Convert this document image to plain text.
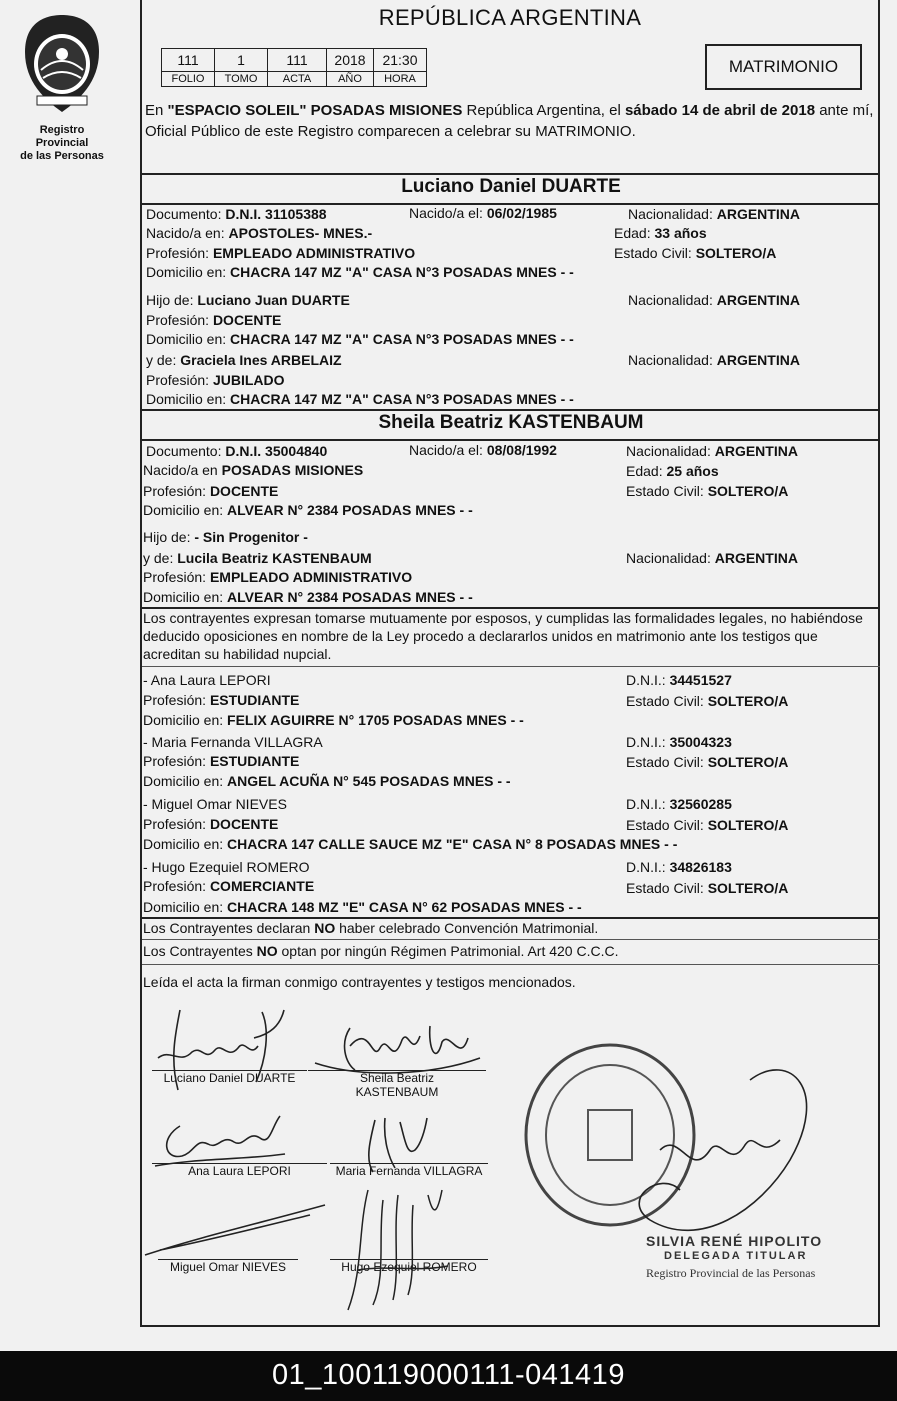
Registro Provincial
de las Personas
REPÚBLICA ARGENTINA
111	1	111	2018	21:30
FOLIO	TOMO	ACTA	AÑO	HORA
MATRIMONIO
En "ESPACIO SOLEIL" POSADAS MISIONES República Argentina, el sábado 14 de abril de 2018 ante mí, Oficial Público de este Registro comparecen a celebrar su MATRIMONIO.
Luciano Daniel DUARTE
Documento: D.N.I. 31105388	Nacido/a el: 06/02/1985	Nacionalidad: ARGENTINA
Nacido/a en: APOSTOLES- MNES.-	Edad: 33 años
Profesión: EMPLEADO ADMINISTRATIVO	Estado Civil: SOLTERO/A
Domicilio en: CHACRA 147 MZ "A" CASA N°3 POSADAS MNES - -
Hijo de: Luciano Juan DUARTE	Nacionalidad: ARGENTINA
Profesión: DOCENTE
Domicilio en: CHACRA 147 MZ "A" CASA N°3 POSADAS MNES - -
y de: Graciela Ines ARBELAIZ	Nacionalidad: ARGENTINA
Profesión: JUBILADO
Domicilio en: CHACRA 147 MZ "A" CASA N°3 POSADAS MNES - -
Sheila Beatriz KASTENBAUM
Documento: D.N.I. 35004840	Nacido/a el: 08/08/1992	Nacionalidad: ARGENTINA
Nacido/a en POSADAS MISIONES	Edad: 25 años
Profesión: DOCENTE	Estado Civil: SOLTERO/A
Domicilio en: ALVEAR N° 2384 POSADAS MNES - -
Hijo de: - Sin Progenitor -
y de: Lucila Beatriz KASTENBAUM	Nacionalidad: ARGENTINA
Profesión: EMPLEADO ADMINISTRATIVO
Domicilio en: ALVEAR N° 2384 POSADAS MNES - -
Los contrayentes expresan tomarse mutuamente por esposos, y cumplidas las formalidades legales, no habiéndose deducido oposiciones en nombre de la Ley procedo a declararlos unidos en matrimonio ante los testigos que acreditan su habilidad nupcial.
- Ana Laura LEPORI	D.N.I.: 34451527
Profesión: ESTUDIANTE	Estado Civil: SOLTERO/A
Domicilio en: FELIX AGUIRRE N° 1705 POSADAS MNES - -
- Maria Fernanda VILLAGRA	D.N.I.: 35004323
Profesión: ESTUDIANTE	Estado Civil: SOLTERO/A
Domicilio en: ANGEL ACUÑA N° 545 POSADAS MNES - -
- Miguel Omar NIEVES	D.N.I.: 32560285
Profesión: DOCENTE	Estado Civil: SOLTERO/A
Domicilio en: CHACRA 147 CALLE SAUCE MZ "E" CASA N° 8 POSADAS MNES - -
- Hugo Ezequiel ROMERO	D.N.I.: 34826183
Profesión: COMERCIANTE	Estado Civil: SOLTERO/A
Domicilio en: CHACRA 148 MZ "E" CASA N° 62 POSADAS MNES - -
Los Contrayentes declaran NO haber celebrado Convención Matrimonial.
Los Contrayentes NO optan por ningún Régimen Patrimonial. Art 420 C.C.C.
Leída el acta la firman conmigo contrayentes y testigos mencionados.
Luciano Daniel DUARTE	Sheila Beatriz
KASTENBAUM
Ana Laura LEPORI	Maria Fernanda VILLAGRA
Miguel Omar NIEVES	Hugo Ezequiel ROMERO
SILVIA RENÉ HIPOLITO
DELEGADA TITULAR
Registro Provincial de las Personas
01_100119000111-041419
